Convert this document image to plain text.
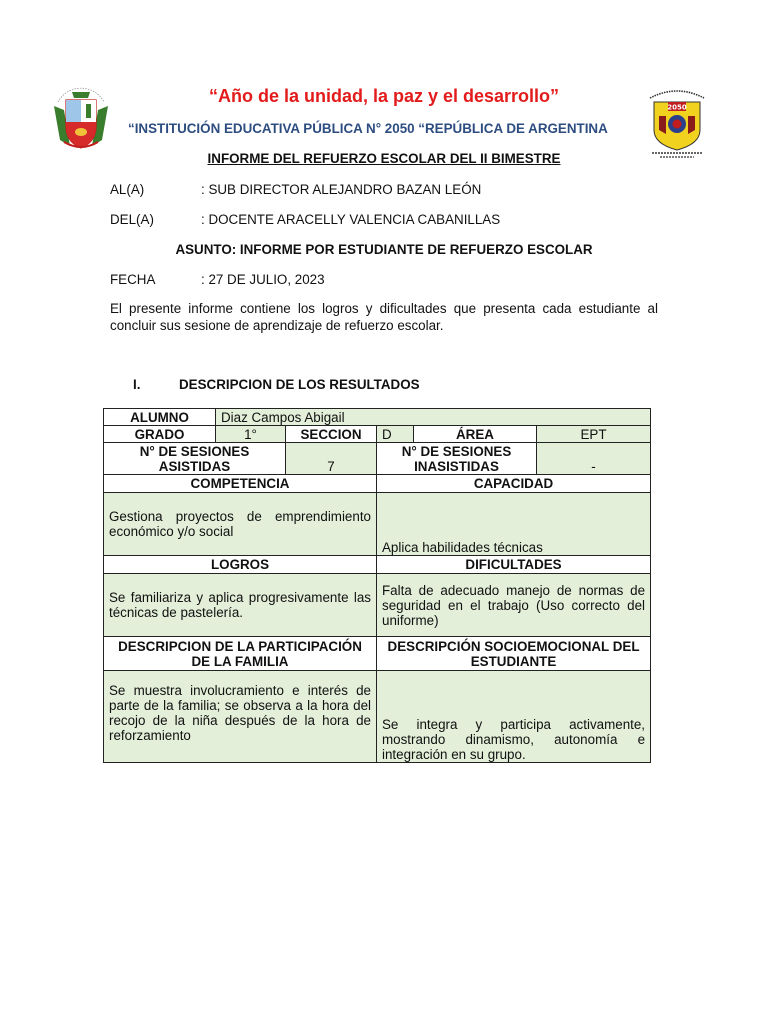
2050
“Año de la unidad, la paz y el desarrollo”
“INSTITUCIÓN EDUCATIVA PÚBLICA N° 2050 “REPÚBLICA DE ARGENTINA
INFORME DEL REFUERZO ESCOLAR DEL II BIMESTRE
AL(A)	: SUB DIRECTOR ALEJANDRO BAZAN LEÓN
DEL(A)	: DOCENTE ARACELLY VALENCIA CABANILLAS
ASUNTO: INFORME POR ESTUDIANTE DE REFUERZO ESCOLAR
FECHA	: 27 DE JULIO, 2023
El presente informe contiene los logros y dificultades que presenta cada estudiante al concluir sus sesione de aprendizaje de refuerzo escolar.
I.	DESCRIPCION DE LOS RESULTADOS
ALUMNO	Diaz Campos Abigail				
GRADO	1°	SECCION	D	ÁREA	EPT
N° DE SESIONES ASISTIDAS		7	N° DE SESIONES INASISTIDAS		-
COMPETENCIA			CAPACIDAD		
Gestiona proyectos de emprendimiento económico y/o social			Aplica habilidades técnicas		
LOGROS			DIFICULTADES		
Se familiariza y aplica progresivamente las técnicas de pastelería.			Falta de adecuado manejo de normas de seguridad en el trabajo (Uso correcto del uniforme)		
DESCRIPCION DE LA PARTICIPACIÓN DE LA FAMILIA			DESCRIPCIÓN SOCIOEMOCIONAL DEL ESTUDIANTE		
Se muestra involucramiento e interés de parte de la familia; se observa a la hora del recojo de la niña después de la hora de reforzamiento			Se integra y participa activamente, mostrando dinamismo, autonomía e integración en su grupo.		
